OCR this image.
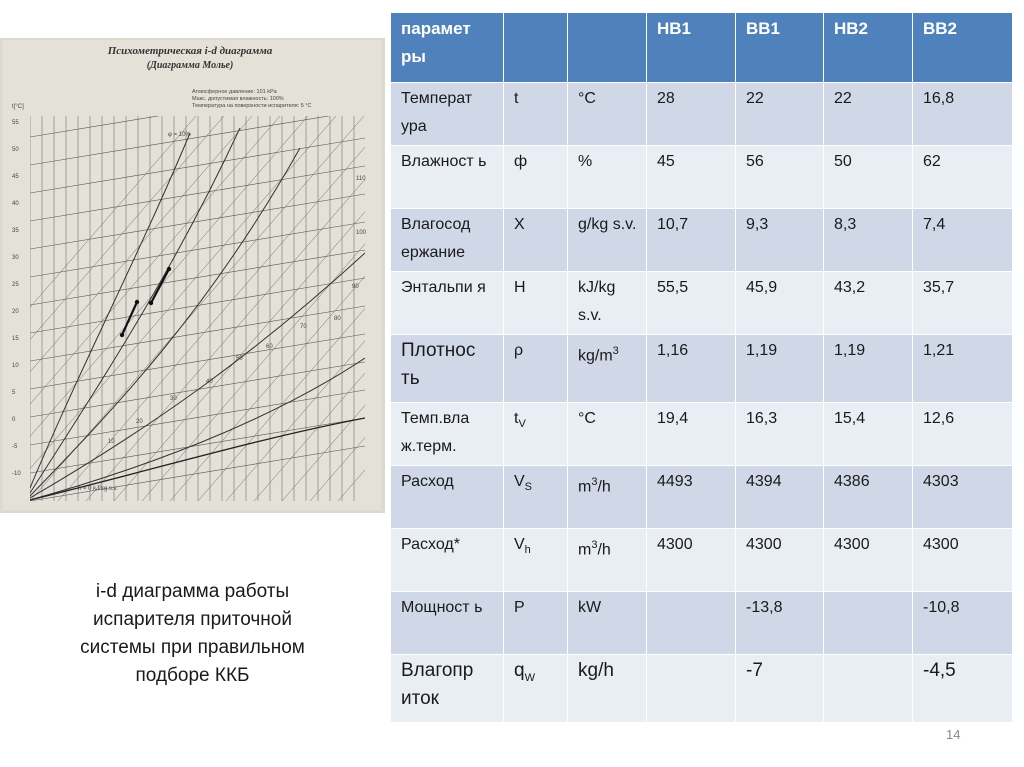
Психометрическая i-d диаграмма
(Диаграмма Молье)
Атмосферное давление: 101 kPa
Макс. допустимая влажность: 100%
Температура на поверхности испарителя: 5 °С
t[°C]
55
50
45
40
35
30
25
20
15
10
5
0
-5
-10
110
100
90
80
70
60
50
40
30
20
10
φ = 10%
h = 0 kJ/kg s.v.
i-d диаграмма работы
испарителя приточной
системы при правильном
подборе ККБ
парамет ры			НВ1	ВВ1	НВ2	ВВ2
Температ ура	t	°C	28	22	22	16,8
Влажност ь	ф	%	45	56	50	62
Влагосод ержание	X	g/kg s.v.	10,7	9,3	8,3	7,4
Энтальпи я	H	kJ/kg s.v.	55,5	45,9	43,2	35,7
Плотнос ть	ρ	$kg/m^3$	1,16	1,19	1,19	1,21
Темп.вла ж.терм.	$t_V$	°C	19,4	16,3	15,4	12,6
Расход	$V_S$	$m^3/h$	4493	4394	4386	4303
Расход*	$V_h$	$m^3/h$	4300	4300	4300	4300
Мощност ь	P	kW		-13,8		-10,8
Влагопр иток	$q_W$	kg/h		-7		-4,5
14
